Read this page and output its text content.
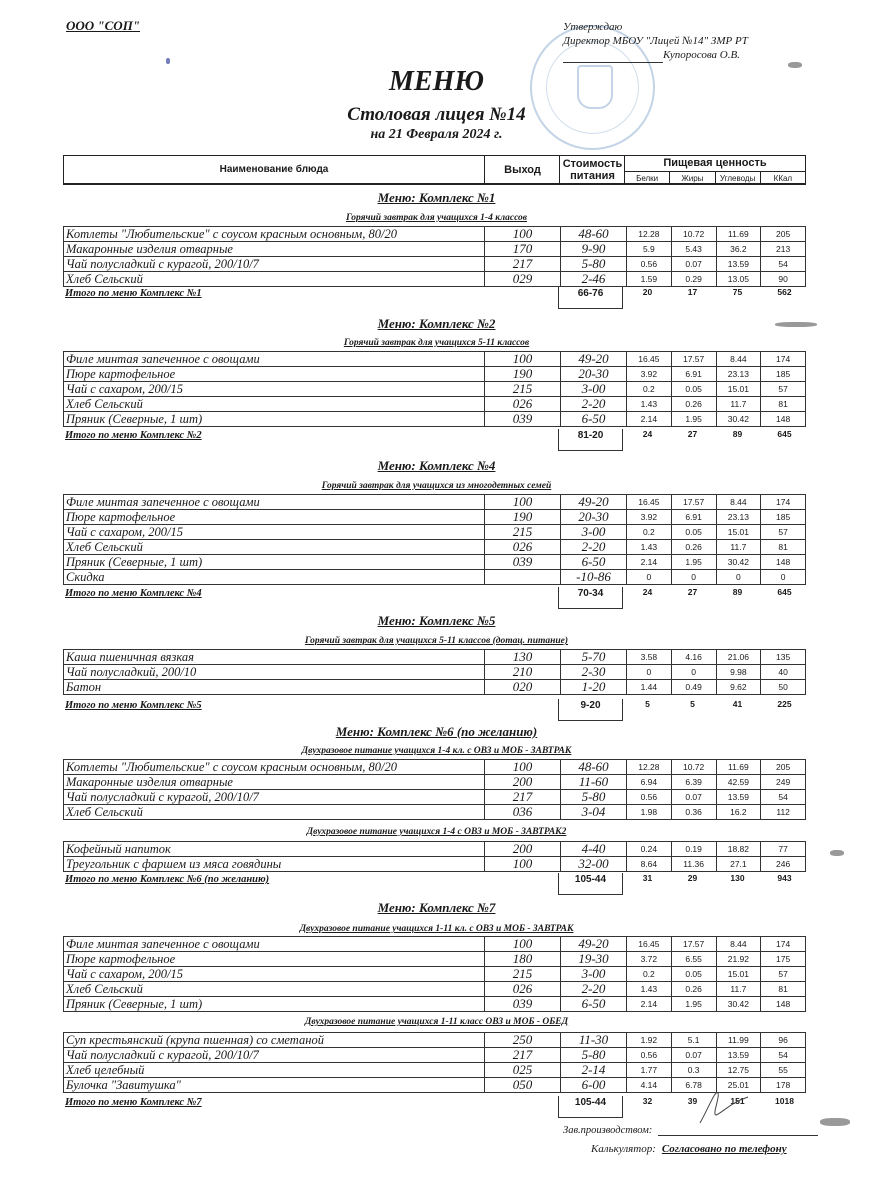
ООО "СОП"	Утверждаю
Директор МБОУ "Лицей №14" ЗМР РТ
Купоросова О.В.
МЕНЮ
Столовая лицея №14
на 21 Февраля 2024 г.
Наименование блюда	Выход	Стоимость
питания
Пищевая ценность
Белки	Жиры	Углеводы	ККал
Меню: Комплекс №1
Горячий завтрак для учащихся 1-4 классов
Котлеты "Любительские" с соусом красным основным, 80/20	100	48-60	12.28	10.72	11.69	205
Макаронные изделия отварные	170	9-90	5.9	5.43	36.2	213
Чай полусладкий с курагой, 200/10/7	217	5-80	0.56	0.07	13.59	54
Хлеб Сельский	029	2-46	1.59	0.29	13.05	90
Итого по меню Комплекс №1	66-76	20	17	75	562
Меню: Комплекс №2
Горячий завтрак для учащихся 5-11 классов
Филе минтая запеченное с овощами	100	49-20	16.45	17.57	8.44	174
Пюре картофельное	190	20-30	3.92	6.91	23.13	185
Чай с сахаром, 200/15	215	3-00	0.2	0.05	15.01	57
Хлеб Сельский	026	2-20	1.43	0.26	11.7	81
Пряник (Северные, 1 шт)	039	6-50	2.14	1.95	30.42	148
Итого по меню Комплекс №2	81-20	24	27	89	645
Меню: Комплекс №4
Горячий завтрак для учащихся из многодетных семей
Филе минтая запеченное с овощами	100	49-20	16.45	17.57	8.44	174
Пюре картофельное	190	20-30	3.92	6.91	23.13	185
Чай с сахаром, 200/15	215	3-00	0.2	0.05	15.01	57
Хлеб Сельский	026	2-20	1.43	0.26	11.7	81
Пряник (Северные, 1 шт)	039	6-50	2.14	1.95	30.42	148
Скидка		-10-86	0	0	0	0
Итого по меню Комплекс №4	70-34	24	27	89	645
Меню: Комплекс №5
Горячий завтрак для учащихся 5-11 классов (дотац. питание)
Каша пшеничная вязкая	130	5-70	3.58	4.16	21.06	135
Чай полусладкий, 200/10	210	2-30	0	0	9.98	40
Батон	020	1-20	1.44	0.49	9.62	50
Итого по меню Комплекс №5	9-20	5	5	41	225
Меню: Комплекс №6 (по желанию)
Двухразовое питание учащихся 1-4 кл. с ОВЗ и МОБ - ЗАВТРАК
Котлеты "Любительские" с соусом красным основным, 80/20	100	48-60	12.28	10.72	11.69	205
Макаронные изделия отварные	200	11-60	6.94	6.39	42.59	249
Чай полусладкий с курагой, 200/10/7	217	5-80	0.56	0.07	13.59	54
Хлеб Сельский	036	3-04	1.98	0.36	16.2	112
Двухразовое питание учащихся 1-4 с ОВЗ и МОБ - ЗАВТРАК2
Кофейный напиток	200	4-40	0.24	0.19	18.82	77
Треугольник с фаршем из мяса говядины	100	32-00	8.64	11.36	27.1	246
Итого по меню Комплекс №6 (по желанию)	105-44	31	29	130	943
Меню: Комплекс №7
Двухразовое питание учащихся 1-11 кл. с ОВЗ и МОБ - ЗАВТРАК
Филе минтая запеченное с овощами	100	49-20	16.45	17.57	8.44	174
Пюре картофельное	180	19-30	3.72	6.55	21.92	175
Чай с сахаром, 200/15	215	3-00	0.2	0.05	15.01	57
Хлеб Сельский	026	2-20	1.43	0.26	11.7	81
Пряник (Северные, 1 шт)	039	6-50	2.14	1.95	30.42	148
Двухразовое питание учащихся 1-11 класс ОВЗ и МОБ - ОБЕД
Суп крестьянский (крупа пшенная) со сметаной	250	11-30	1.92	5.1	11.99	96
Чай полусладкий с курагой, 200/10/7	217	5-80	0.56	0.07	13.59	54
Хлеб целебный	025	2-14	1.77	0.3	12.75	55
Булочка "Завитушка"	050	6-00	4.14	6.78	25.01	178
Итого по меню Комплекс №7	105-44	32	39	151	1018
Зав.производством:
Калькулятор: Согласовано по телефону
